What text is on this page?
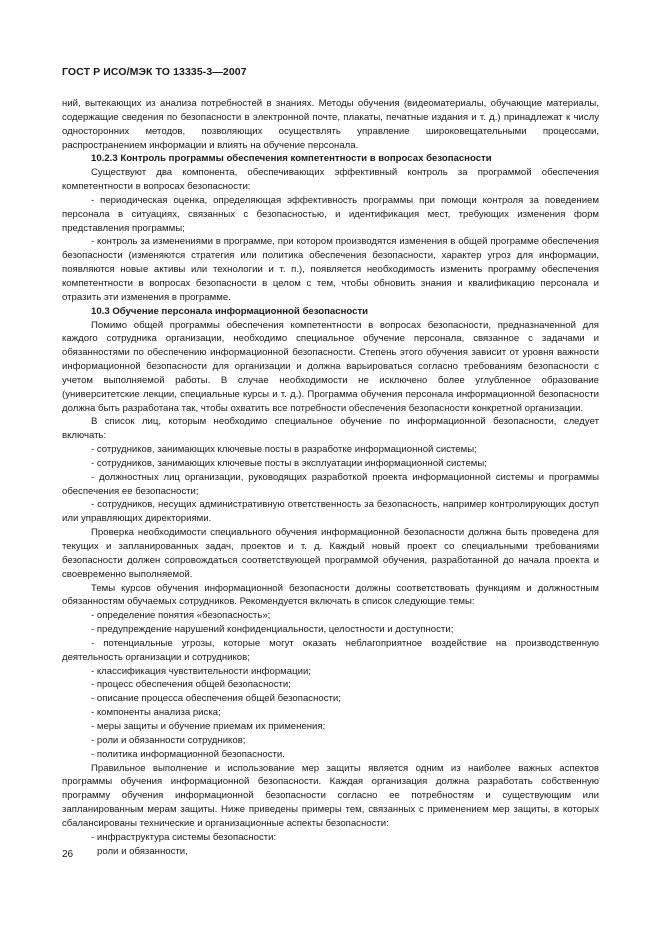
ГОСТ Р ИСО/МЭК ТО 13335-3—2007

ний, вытекающих из анализа потребностей в знаниях. Методы обучения (видеоматериалы, обучающие материалы, содержащие сведения по безопасности в электронной почте, плакаты, печатные издания и т. д.) принадлежат к числу односторонних методов, позволяющих осуществлять управление широковещательными процессами, распространением информации и влиять на обучение персонала.

10.2.3 Контроль программы обеспечения компетентности в вопросах безопасности

Существуют два компонента, обеспечивающих эффективный контроль за программой обеспечения компетентности в вопросах безопасности:

- периодическая оценка, определяющая эффективность программы при помощи контроля за поведением персонала в ситуациях, связанных с безопасностью, и идентификация мест, требующих изменения форм представления программы;

- контроль за изменениями в программе, при котором производятся изменения в общей программе обеспечения безопасности (изменяются стратегия или политика обеспечения безопасности, характер угроз для информации, появляются новые активы или технологии и т. п.), появляется необходимость изменить программу обеспечения компетентности в вопросах безопасности в целом с тем, чтобы обновить знания и квалификацию персонала и отразить эти изменения в программе.

10.3 Обучение персонала информационной безопасности

Помимо общей программы обеспечения компетентности в вопросах безопасности, предназначенной для каждого сотрудника организации, необходимо специальное обучение персонала, связанное с задачами и обязанностями по обеспечению информационной безопасности. Степень этого обучения зависит от уровня важности информационной безопасности для организации и должна варьироваться согласно требованиям безопасности с учетом выполняемой работы. В случае необходимости не исключено более углубленное образование (университетские лекции, специальные курсы и т. д.). Программа обучения персонала информационной безопасности должна быть разработана так, чтобы охватить все потребности обеспечения безопасности конкретной организации.

В список лиц, которым необходимо специальное обучение по информационной безопасности, следует включать:

- сотрудников, занимающих ключевые посты в разработке информационной системы;

- сотрудников, занимающих ключевые посты в эксплуатации информационной системы;

- должностных лиц организации, руководящих разработкой проекта информационной системы и программы обеспечения ее безопасности;

- сотрудников, несущих административную ответственность за безопасность, например контролирующих доступ или управляющих директориями.

Проверка необходимости специального обучения информационной безопасности должна быть проведена для текущих и запланированных задач, проектов и т. д. Каждый новый проект со специальными требованиями безопасности должен сопровождаться соответствующей программой обучения, разработанной до начала проекта и своевременно выполняемой.

Темы курсов обучения информационной безопасности должны соответствовать функциям и должностным обязанностям обучаемых сотрудников. Рекомендуется включать в список следующие темы:

- определение понятия «безопасность»;

- предупреждение нарушений конфиденциальности, целостности и доступности;

- потенциальные угрозы, которые могут оказать неблагоприятное воздействие на производственную деятельность организации и сотрудников;

- классификация чувствительности информации;

- процесс обеспечения общей безопасности;

- описание процесса обеспечения общей безопасности;

- компоненты анализа риска;

- меры защиты и обучение приемам их применения;

- роли и обязанности сотрудников;

- политика информационной безопасности.

Правильное выполнение и использование мер защиты является одним из наиболее важных аспектов программы обучения информационной безопасности. Каждая организация должна разработать собственную программу обучения информационной безопасности согласно ее потребностям и существующим или запланированным мерам защиты. Ниже приведены примеры тем, связанных с применением мер защиты, в которых сбалансированы технические и организационные аспекты безопасности:

- инфраструктура системы безопасности:

роли и обязанности,

26
